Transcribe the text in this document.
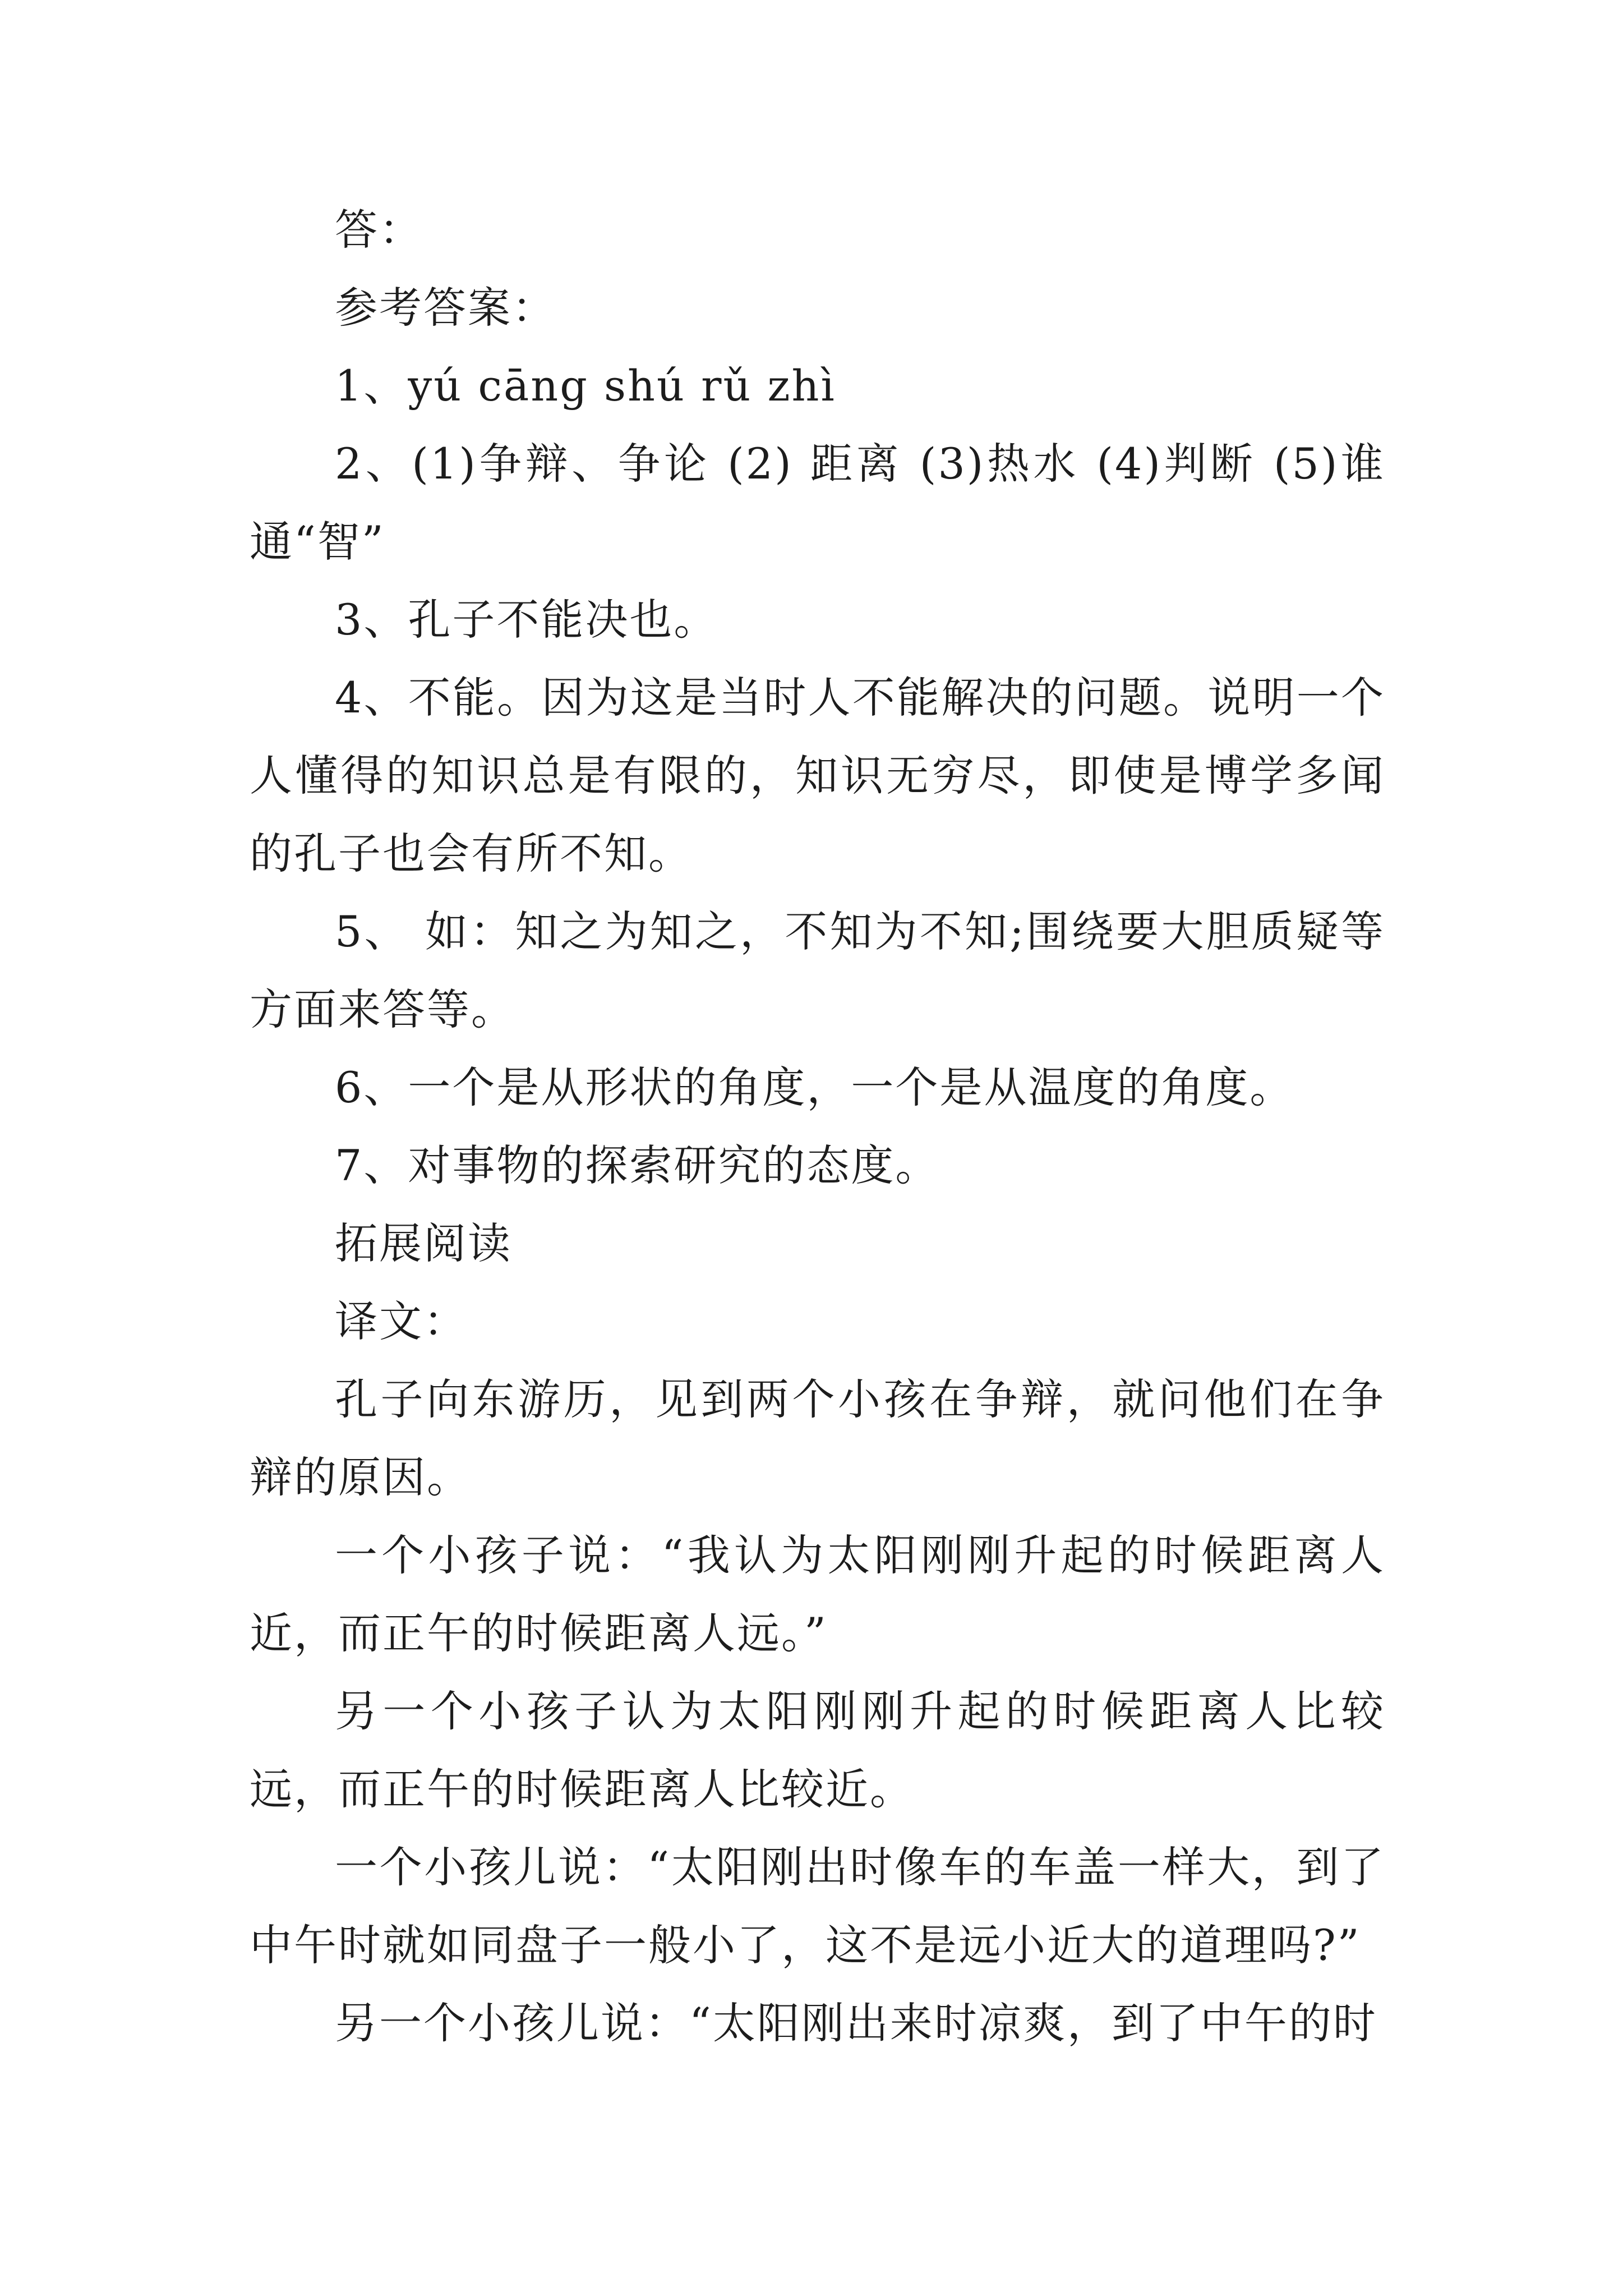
答：

参考答案：

1、yú cāng shú rǔ zhì

2、(1)争辩、争论 (2) 距离 (3)热水 (4)判断 (5)谁通“智”

3、孔子不能决也。

4、不能。因为这是当时人不能解决的问题。说明一个人懂得的知识总是有限的，知识无穷尽，即使是博学多闻的孔子也会有所不知。

5、 如：知之为知之，不知为不知;围绕要大胆质疑等方面来答等。

6、一个是从形状的角度，一个是从温度的角度。

7、对事物的探索研究的态度。

拓展阅读

译文：

孔子向东游历，见到两个小孩在争辩，就问他们在争辩的原因。

一个小孩子说：“我认为太阳刚刚升起的时候距离人近，而正午的时候距离人远。”

另一个小孩子认为太阳刚刚升起的时候距离人比较远，而正午的时候距离人比较近。

一个小孩儿说：“太阳刚出时像车的车盖一样大，到了中午时就如同盘子一般小了，这不是远小近大的道理吗?”

另一个小孩儿说：“太阳刚出来时凉爽，到了中午的时
